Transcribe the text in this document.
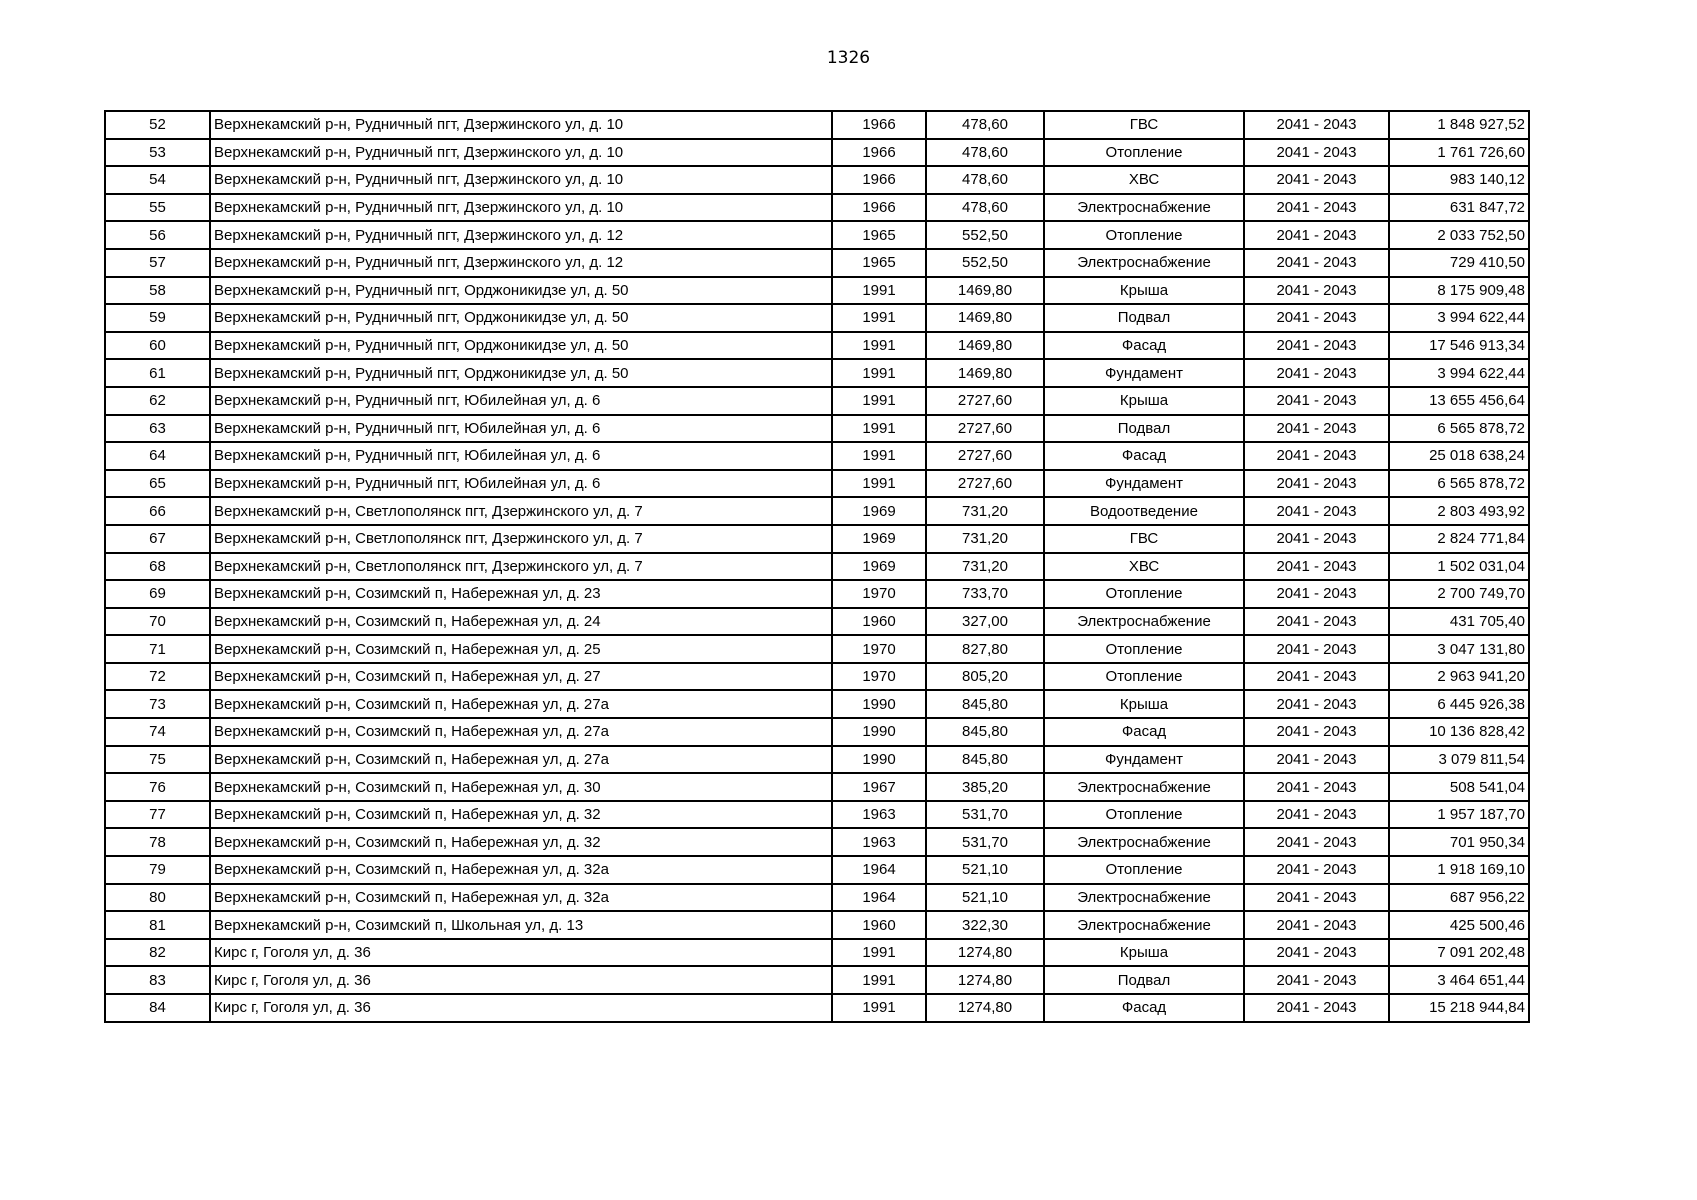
1326
52	Верхнекамский р-н, Рудничный пгт, Дзержинского ул, д. 10	1966	478,60	ГВС	2041 - 2043	1 848 927,52
53	Верхнекамский р-н, Рудничный пгт, Дзержинского ул, д. 10	1966	478,60	Отопление	2041 - 2043	1 761 726,60
54	Верхнекамский р-н, Рудничный пгт, Дзержинского ул, д. 10	1966	478,60	ХВС	2041 - 2043	983 140,12
55	Верхнекамский р-н, Рудничный пгт, Дзержинского ул, д. 10	1966	478,60	Электроснабжение	2041 - 2043	631 847,72
56	Верхнекамский р-н, Рудничный пгт, Дзержинского ул, д. 12	1965	552,50	Отопление	2041 - 2043	2 033 752,50
57	Верхнекамский р-н, Рудничный пгт, Дзержинского ул, д. 12	1965	552,50	Электроснабжение	2041 - 2043	729 410,50
58	Верхнекамский р-н, Рудничный пгт, Орджоникидзе ул, д. 50	1991	1469,80	Крыша	2041 - 2043	8 175 909,48
59	Верхнекамский р-н, Рудничный пгт, Орджоникидзе ул, д. 50	1991	1469,80	Подвал	2041 - 2043	3 994 622,44
60	Верхнекамский р-н, Рудничный пгт, Орджоникидзе ул, д. 50	1991	1469,80	Фасад	2041 - 2043	17 546 913,34
61	Верхнекамский р-н, Рудничный пгт, Орджоникидзе ул, д. 50	1991	1469,80	Фундамент	2041 - 2043	3 994 622,44
62	Верхнекамский р-н, Рудничный пгт, Юбилейная ул, д. 6	1991	2727,60	Крыша	2041 - 2043	13 655 456,64
63	Верхнекамский р-н, Рудничный пгт, Юбилейная ул, д. 6	1991	2727,60	Подвал	2041 - 2043	6 565 878,72
64	Верхнекамский р-н, Рудничный пгт, Юбилейная ул, д. 6	1991	2727,60	Фасад	2041 - 2043	25 018 638,24
65	Верхнекамский р-н, Рудничный пгт, Юбилейная ул, д. 6	1991	2727,60	Фундамент	2041 - 2043	6 565 878,72
66	Верхнекамский р-н, Светлополянск пгт, Дзержинского ул, д. 7	1969	731,20	Водоотведение	2041 - 2043	2 803 493,92
67	Верхнекамский р-н, Светлополянск пгт, Дзержинского ул, д. 7	1969	731,20	ГВС	2041 - 2043	2 824 771,84
68	Верхнекамский р-н, Светлополянск пгт, Дзержинского ул, д. 7	1969	731,20	ХВС	2041 - 2043	1 502 031,04
69	Верхнекамский р-н, Созимский п, Набережная ул, д. 23	1970	733,70	Отопление	2041 - 2043	2 700 749,70
70	Верхнекамский р-н, Созимский п, Набережная ул, д. 24	1960	327,00	Электроснабжение	2041 - 2043	431 705,40
71	Верхнекамский р-н, Созимский п, Набережная ул, д. 25	1970	827,80	Отопление	2041 - 2043	3 047 131,80
72	Верхнекамский р-н, Созимский п, Набережная ул, д. 27	1970	805,20	Отопление	2041 - 2043	2 963 941,20
73	Верхнекамский р-н, Созимский п, Набережная ул, д. 27а	1990	845,80	Крыша	2041 - 2043	6 445 926,38
74	Верхнекамский р-н, Созимский п, Набережная ул, д. 27а	1990	845,80	Фасад	2041 - 2043	10 136 828,42
75	Верхнекамский р-н, Созимский п, Набережная ул, д. 27а	1990	845,80	Фундамент	2041 - 2043	3 079 811,54
76	Верхнекамский р-н, Созимский п, Набережная ул, д. 30	1967	385,20	Электроснабжение	2041 - 2043	508 541,04
77	Верхнекамский р-н, Созимский п, Набережная ул, д. 32	1963	531,70	Отопление	2041 - 2043	1 957 187,70
78	Верхнекамский р-н, Созимский п, Набережная ул, д. 32	1963	531,70	Электроснабжение	2041 - 2043	701 950,34
79	Верхнекамский р-н, Созимский п, Набережная ул, д. 32а	1964	521,10	Отопление	2041 - 2043	1 918 169,10
80	Верхнекамский р-н, Созимский п, Набережная ул, д. 32а	1964	521,10	Электроснабжение	2041 - 2043	687 956,22
81	Верхнекамский р-н, Созимский п, Школьная ул, д. 13	1960	322,30	Электроснабжение	2041 - 2043	425 500,46
82	Кирс г, Гоголя ул, д. 36	1991	1274,80	Крыша	2041 - 2043	7 091 202,48
83	Кирс г, Гоголя ул, д. 36	1991	1274,80	Подвал	2041 - 2043	3 464 651,44
84	Кирс г, Гоголя ул, д. 36	1991	1274,80	Фасад	2041 - 2043	15 218 944,84
